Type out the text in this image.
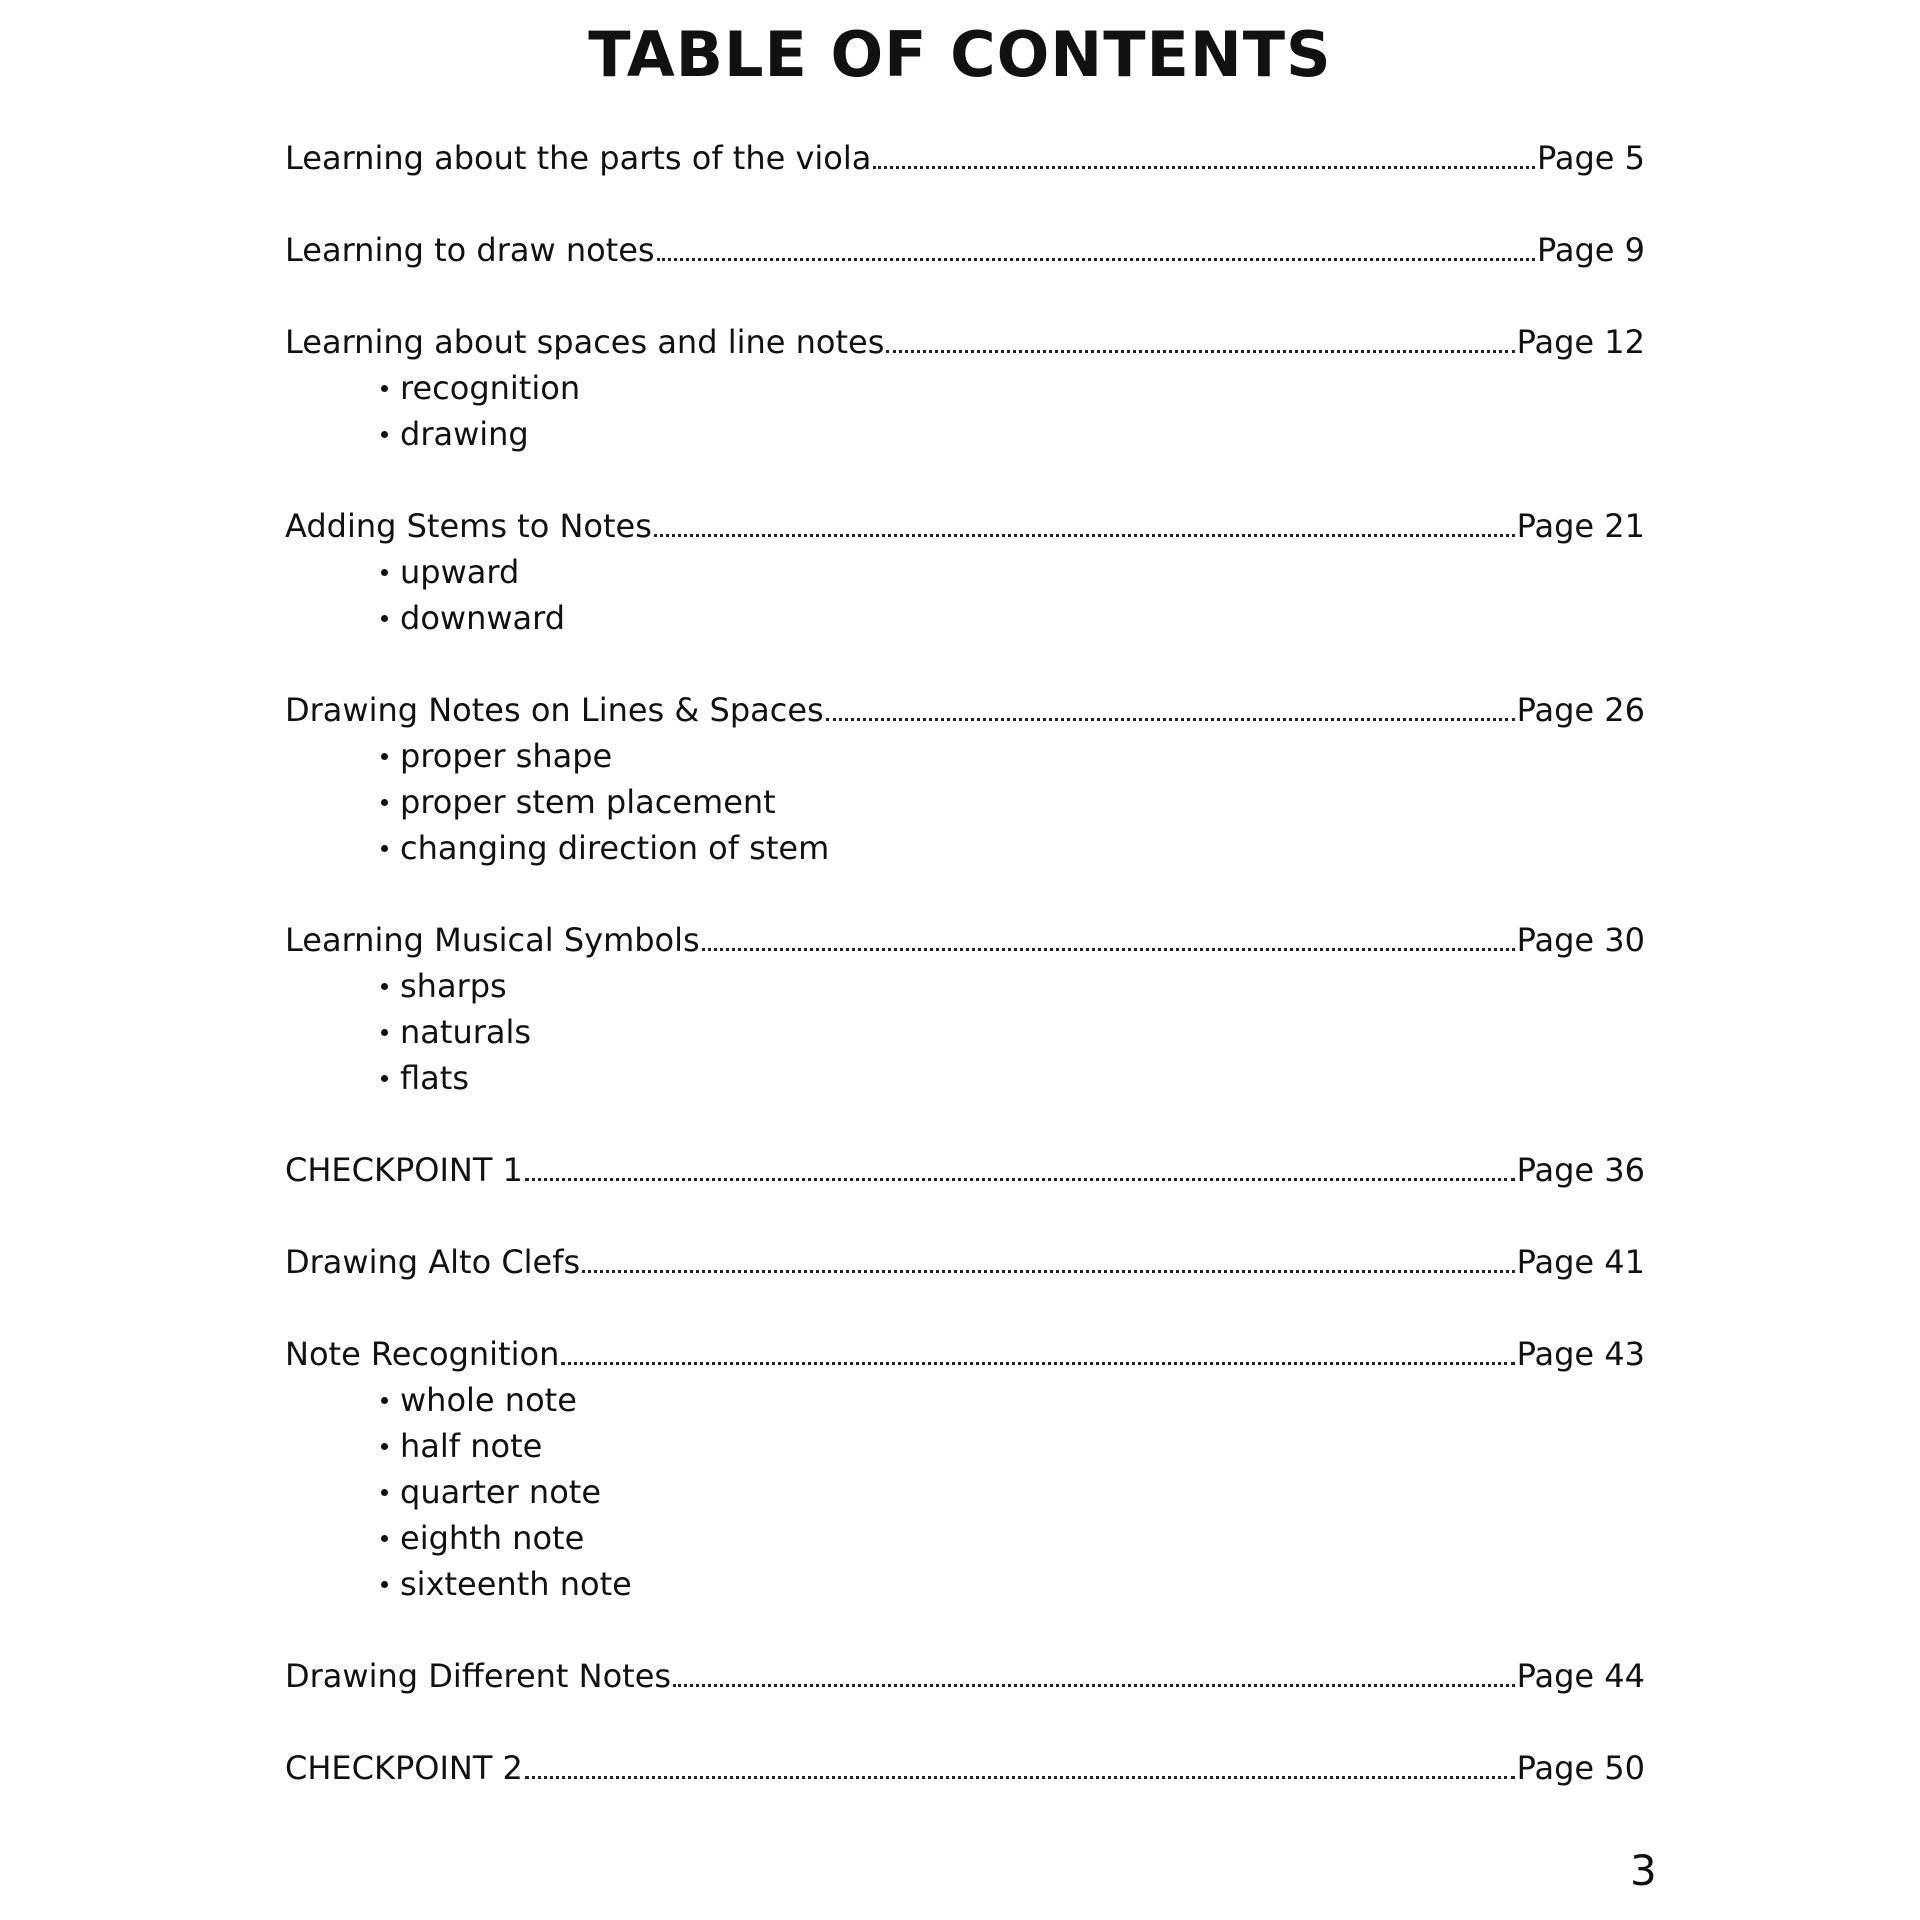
TABLE OF CONTENTS
Learning about the parts of the viola	Page 5
Learning to draw notes	Page 9
Learning about spaces and line notes	Page 12
recognition
drawing
Adding Stems to Notes	Page 21
upward
downward
Drawing Notes on Lines & Spaces	Page 26
proper shape
proper stem placement
changing direction of stem
Learning Musical Symbols	Page 30
sharps
naturals
flats
CHECKPOINT 1	Page 36
Drawing Alto Clefs	Page 41
Note Recognition	Page 43
whole note
half note
quarter note
eighth note
sixteenth note
Drawing Different Notes	Page 44
CHECKPOINT 2	Page 50
3
